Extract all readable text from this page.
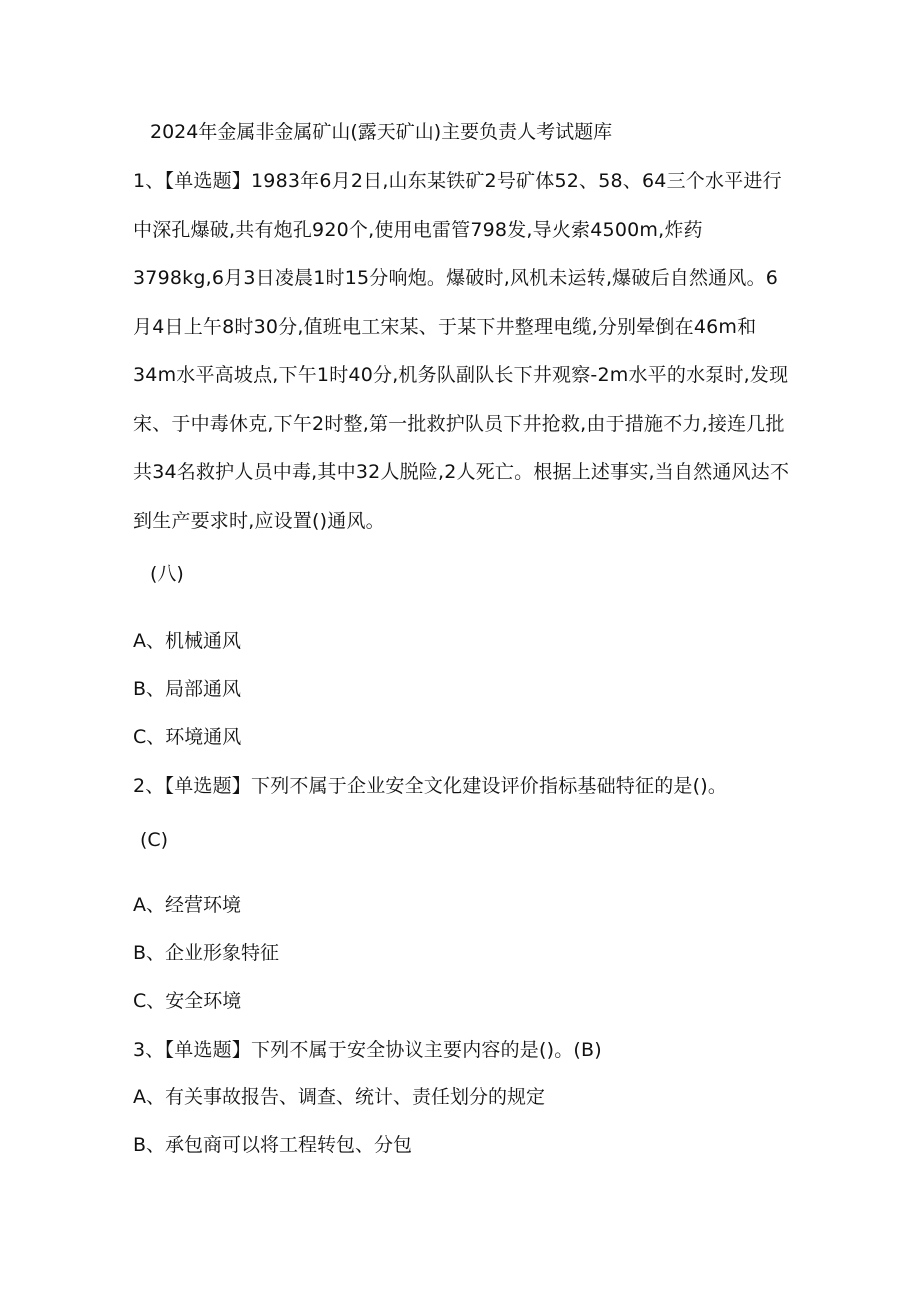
2024年金属非金属矿山(露天矿山)主要负责人考试题库
1、【单选题】1983年6月2日,山东某铁矿2号矿体52、58、64三个水平进行中深孔爆破,共有炮孔920个,使用电雷管798发,导火索4500m,炸药3798kg,6月3日凌晨1时15分响炮。爆破时,风机未运转,爆破后自然通风。6月4日上午8时30分,值班电工宋某、于某下井整理电缆,分别晕倒在46m和34m水平高坡点,下午1时40分,机务队副队长下井观察-2m水平的水泵时,发现宋、于中毒休克,下午2时整,第一批救护队员下井抢救,由于措施不力,接连几批共34名救护人员中毒,其中32人脱险,2人死亡。根据上述事实,当自然通风达不到生产要求时,应设置()通风。
(八)
A、机械通风
B、局部通风
C、环境通风
2、【单选题】下列不属于企业安全文化建设评价指标基础特征的是()。
(C)
A、经营环境
B、企业形象特征
C、安全环境
3、【单选题】下列不属于安全协议主要内容的是()。(B)
A、有关事故报告、调查、统计、责任划分的规定
B、承包商可以将工程转包、分包
